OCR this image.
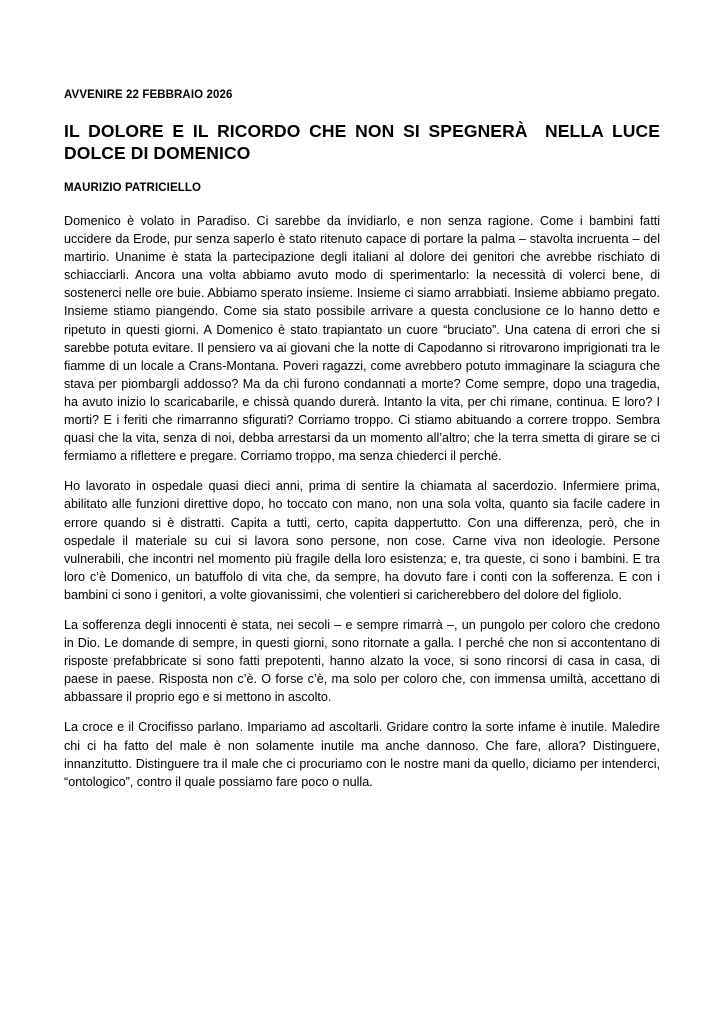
AVVENIRE 22 FEBBRAIO 2026
IL DOLORE E IL RICORDO CHE NON SI SPEGNERÀ  NELLA LUCE DOLCE DI DOMENICO
MAURIZIO PATRICIELLO

Domenico è volato in Paradiso. Ci sarebbe da invidiarlo, e non senza ragione. Come i bambini fatti uccidere da Erode, pur senza saperlo è stato ritenuto capace di portare la palma – stavolta incruenta – del martirio. Unanime è stata la partecipazione degli italiani al dolore dei genitori che avrebbe rischiato di schiacciarli. Ancora una volta abbiamo avuto modo di sperimentarlo: la necessità di volerci bene, di sostenerci nelle ore buie. Abbiamo sperato insieme. Insieme ci siamo arrabbiati. Insieme abbiamo pregato. Insieme stiamo piangendo. Come sia stato possibile arrivare a questa conclusione ce lo hanno detto e ripetuto in questi giorni. A Domenico è stato trapiantato un cuore “bruciato”. Una catena di errori che si sarebbe potuta evitare. Il pensiero va ai giovani che la notte di Capodanno si ritrovarono imprigionati tra le fiamme di un locale a Crans-Montana. Poveri ragazzi, come avrebbero potuto immaginare la sciagura che stava per piombargli addosso? Ma da chi furono condannati a morte? Come sempre, dopo una tragedia, ha avuto inizio lo scaricabarile, e chissà quando durerà. Intanto la vita, per chi rimane, continua. E loro? I morti? E i feriti che rimarranno sfigurati? Corriamo troppo. Ci stiamo abituando a correre troppo. Sembra quasi che la vita, senza di noi, debba arrestarsi da un momento all’altro; che la terra smetta di girare se ci fermiamo a riflettere e pregare. Corriamo troppo, ma senza chiederci il perché.

Ho lavorato in ospedale quasi dieci anni, prima di sentire la chiamata al sacerdozio. Infermiere prima, abilitato alle funzioni direttive dopo, ho toccato con mano, non una sola volta, quanto sia facile cadere in errore quando si è distratti. Capita a tutti, certo, capita dappertutto. Con una differenza, però, che in ospedale il materiale su cui si lavora sono persone, non cose. Carne viva non ideologie. Persone vulnerabili, che incontri nel momento più fragile della loro esistenza; e, tra queste, ci sono i bambini. E tra loro c’è Domenico, un batuffolo di vita che, da sempre, ha dovuto fare i conti con la sofferenza. E con i bambini ci sono i genitori, a volte giovanissimi, che volentieri si caricherebbero del dolore del figliolo.

La sofferenza degli innocenti è stata, nei secoli – e sempre rimarrà –, un pungolo per coloro che credono in Dio. Le domande di sempre, in questi giorni, sono ritornate a galla. I perché che non si accontentano di risposte prefabbricate si sono fatti prepotenti, hanno alzato la voce, si sono rincorsi di casa in casa, di paese in paese. Risposta non c’è. O forse c’è, ma solo per coloro che, con immensa umiltà, accettano di abbassare il proprio ego e si mettono in ascolto.

La croce e il Crocifisso parlano. Impariamo ad ascoltarli. Gridare contro la sorte infame è inutile. Maledire chi ci ha fatto del male è non solamente inutile ma anche dannoso. Che fare, allora? Distinguere, innanzitutto. Distinguere tra il male che ci procuriamo con le nostre mani da quello, diciamo per intenderci, “ontologico”, contro il quale possiamo fare poco o nulla.
